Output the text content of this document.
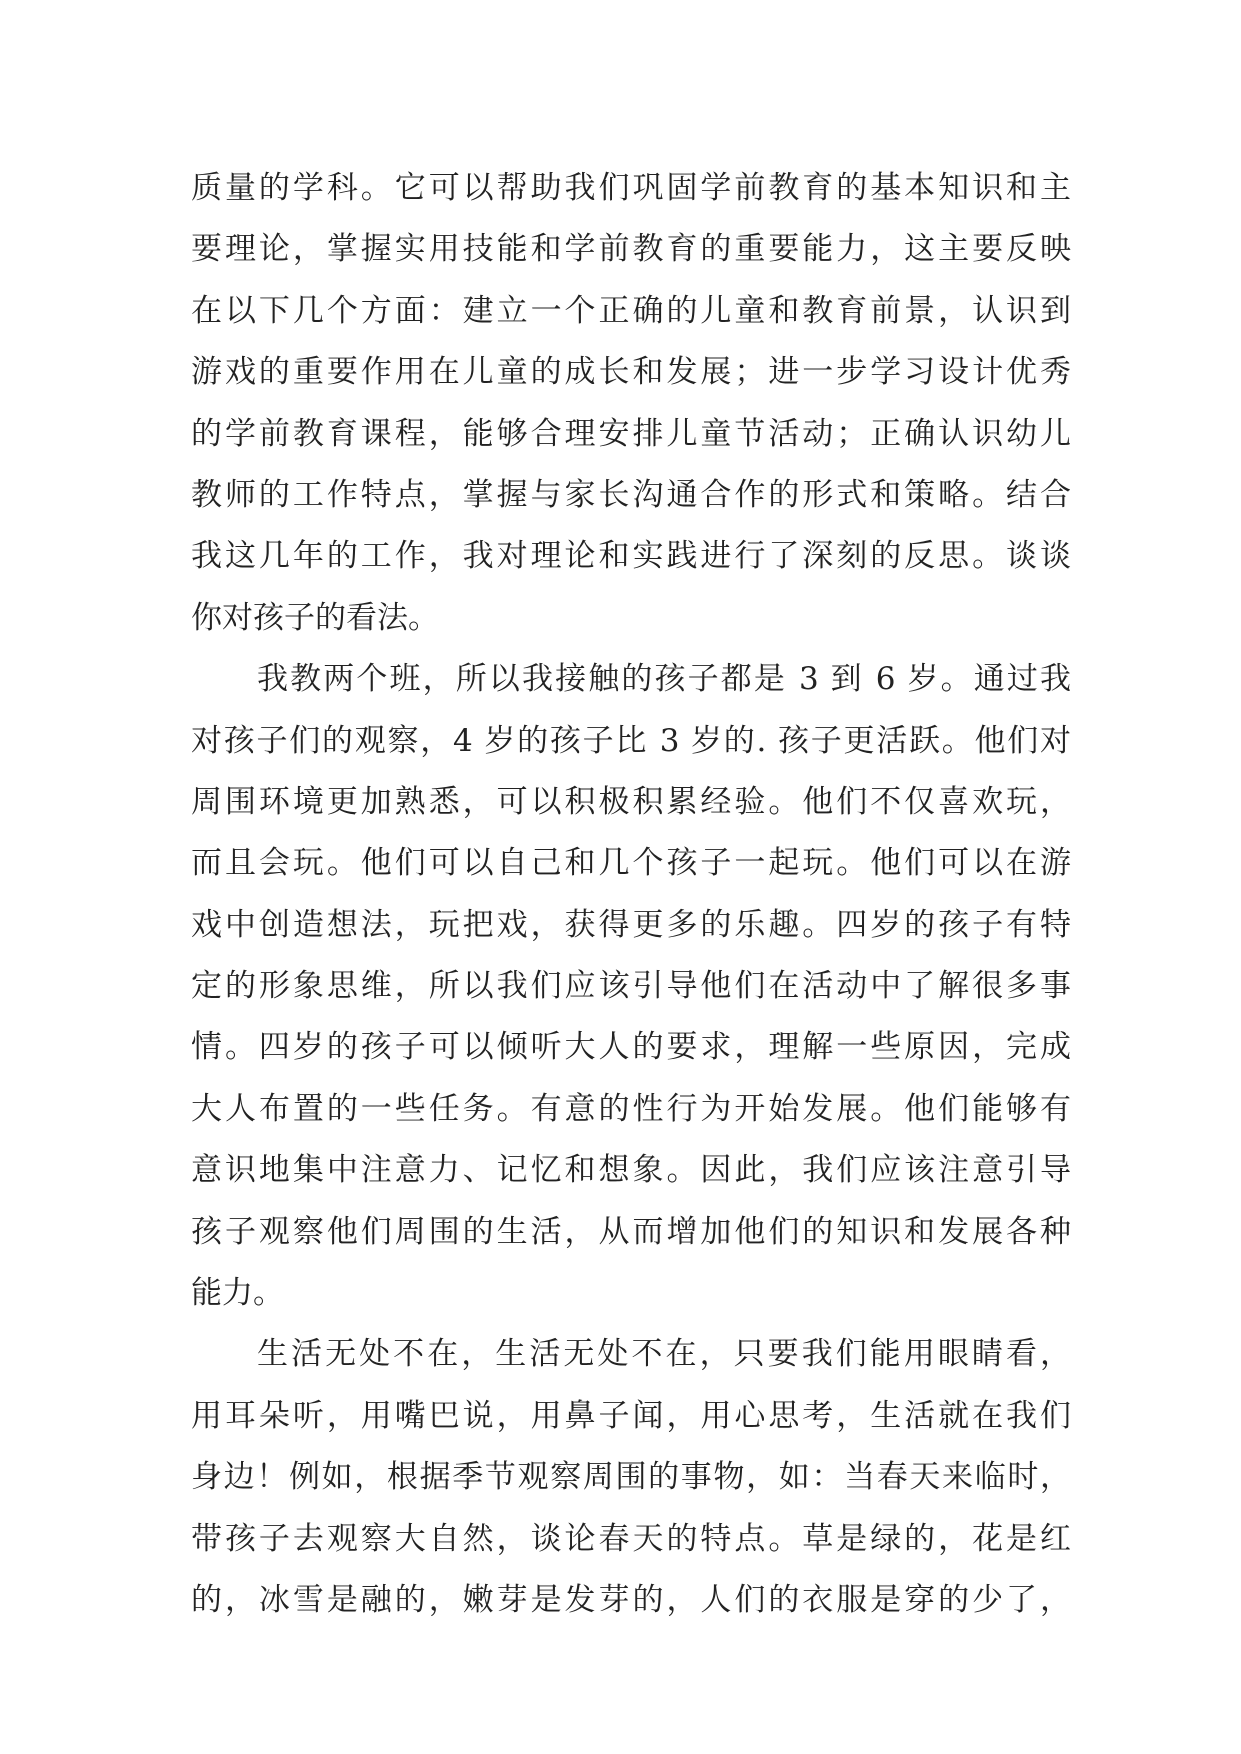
质量的学科。它可以帮助我们巩固学前教育的基本知识和主
要理论，掌握实用技能和学前教育的重要能力，这主要反映
在以下几个方面：建立一个正确的儿童和教育前景，认识到
游戏的重要作用在儿童的成长和发展；进一步学习设计优秀
的学前教育课程，能够合理安排儿童节活动；正确认识幼儿
教师的工作特点，掌握与家长沟通合作的形式和策略。结合
我这几年的工作，我对理论和实践进行了深刻的反思。谈谈
你对孩子的看法。
我教两个班，所以我接触的孩子都是 3 到 6 岁。通过我
对孩子们的观察，4 岁的孩子比 3 岁的. 孩子更活跃。他们对
周围环境更加熟悉，可以积极积累经验。他们不仅喜欢玩，
而且会玩。他们可以自己和几个孩子一起玩。他们可以在游
戏中创造想法，玩把戏，获得更多的乐趣。四岁的孩子有特
定的形象思维，所以我们应该引导他们在活动中了解很多事
情。四岁的孩子可以倾听大人的要求，理解一些原因，完成
大人布置的一些任务。有意的性行为开始发展。他们能够有
意识地集中注意力、记忆和想象。因此，我们应该注意引导
孩子观察他们周围的生活，从而增加他们的知识和发展各种
能力。
生活无处不在，生活无处不在，只要我们能用眼睛看，
用耳朵听，用嘴巴说，用鼻子闻，用心思考，生活就在我们
身边！例如，根据季节观察周围的事物，如：当春天来临时，
带孩子去观察大自然，谈论春天的特点。草是绿的，花是红
的，冰雪是融的，嫩芽是发芽的，人们的衣服是穿的少了，
